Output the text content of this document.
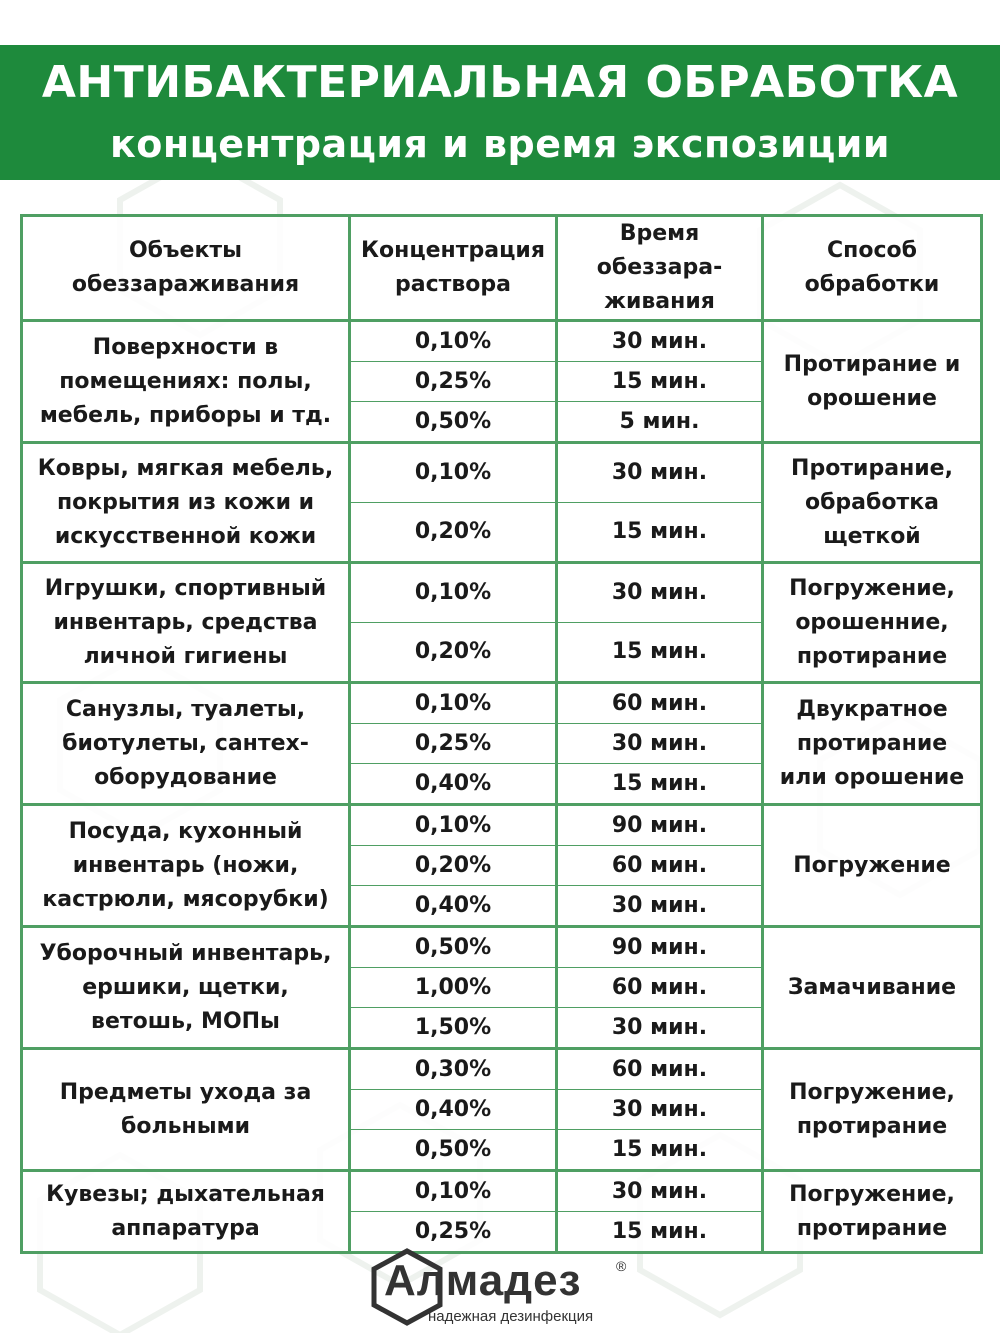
АНТИБАКТЕРИАЛЬНАЯ ОБРАБОТКА
концентрация и время экспозиции
Объекты обеззараживания	Концентрация раствора	Время обеззара-живания	Способ обработки
Поверхности в помещениях: полы, мебель, приборы и тд.	0,10%	30 мин.	Протирание и орошение
	0,25%	15 мин.	
	0,50%	5 мин.	
Ковры, мягкая мебель, покрытия из кожи и искусственной кожи	0,10%	30 мин.	Протирание, обработка щеткой
	0,20%	15 мин.	
Игрушки, спортивный инвентарь, средства личной гигиены	0,10%	30 мин.	Погружение, орошенние, протирание
	0,20%	15 мин.	
Санузлы, туалеты, биотулеты, сантех-оборудование	0,10%	60 мин.	Двукратное протирание или орошение
	0,25%	30 мин.	
	0,40%	15 мин.	
Посуда, кухонный инвентарь (ножи, кастрюли, мясорубки)	0,10%	90 мин.	Погружение
	0,20%	60 мин.	
	0,40%	30 мин.	
Уборочный инвентарь, ершики, щетки, ветошь, МОПы	0,50%	90 мин.	Замачивание
	1,00%	60 мин.	
	1,50%	30 мин.	
Предметы ухода за больными	0,30%	60 мин.	Погружение, протирание
	0,40%	30 мин.	
	0,50%	15 мин.	
Кувезы; дыхательная аппаратура	0,10%	30 мин.	Погружение, протирание
	0,25%	15 мин.	
Алмадез ®
надежная дезинфекция
